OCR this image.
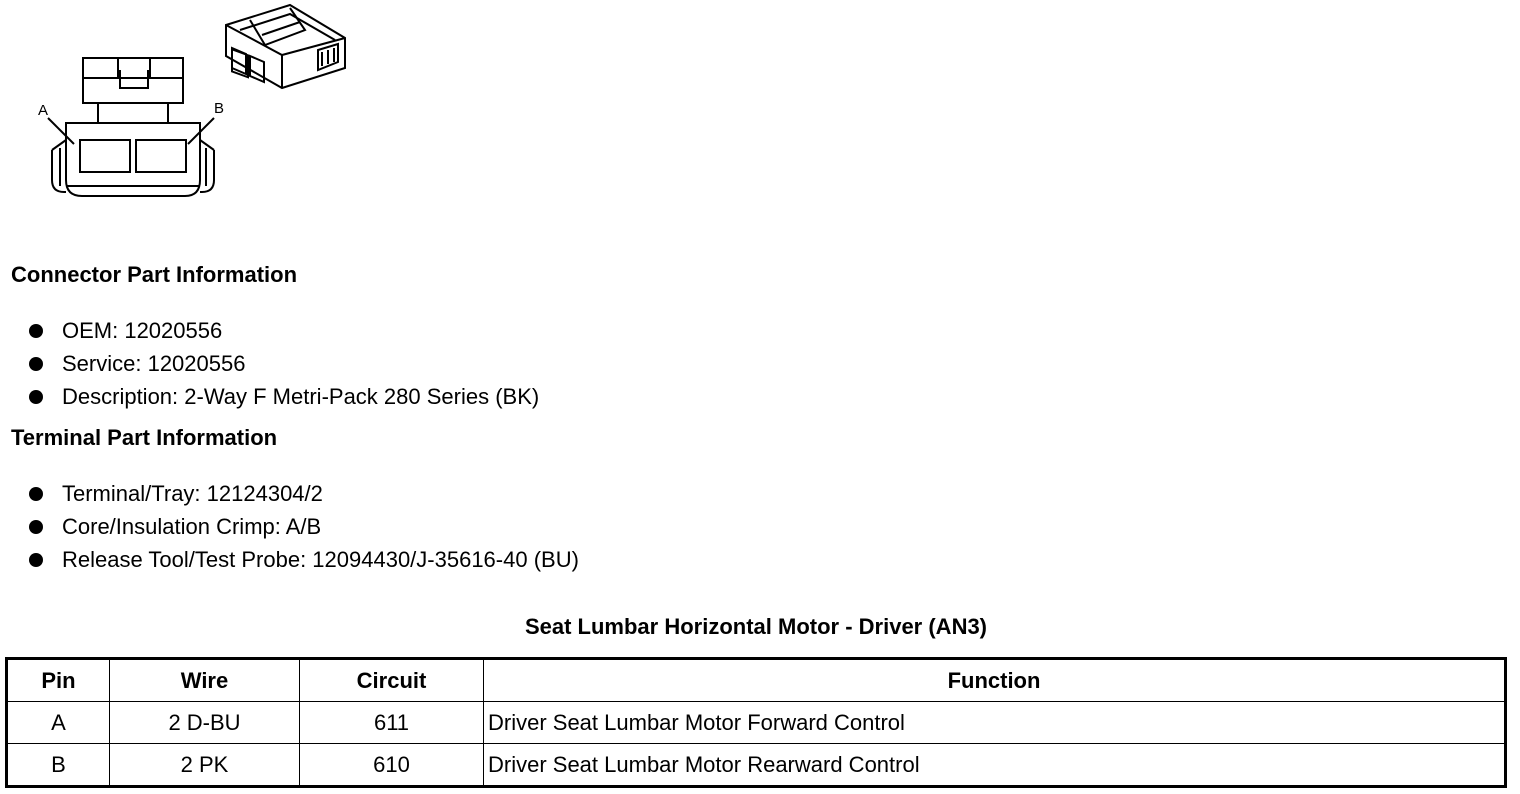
A	B
Connector Part Information
OEM: 12020556
Service: 12020556
Description: 2-Way F Metri-Pack 280 Series (BK)
Terminal Part Information
Terminal/Tray: 12124304/2
Core/Insulation Crimp: A/B
Release Tool/Test Probe: 12094430/J-35616-40 (BU)
Seat Lumbar Horizontal Motor - Driver (AN3)
Pin	Wire	Circuit	Function
A	2 D-BU	611	Driver Seat Lumbar Motor Forward Control
B	2 PK	610	Driver Seat Lumbar Motor Rearward Control
